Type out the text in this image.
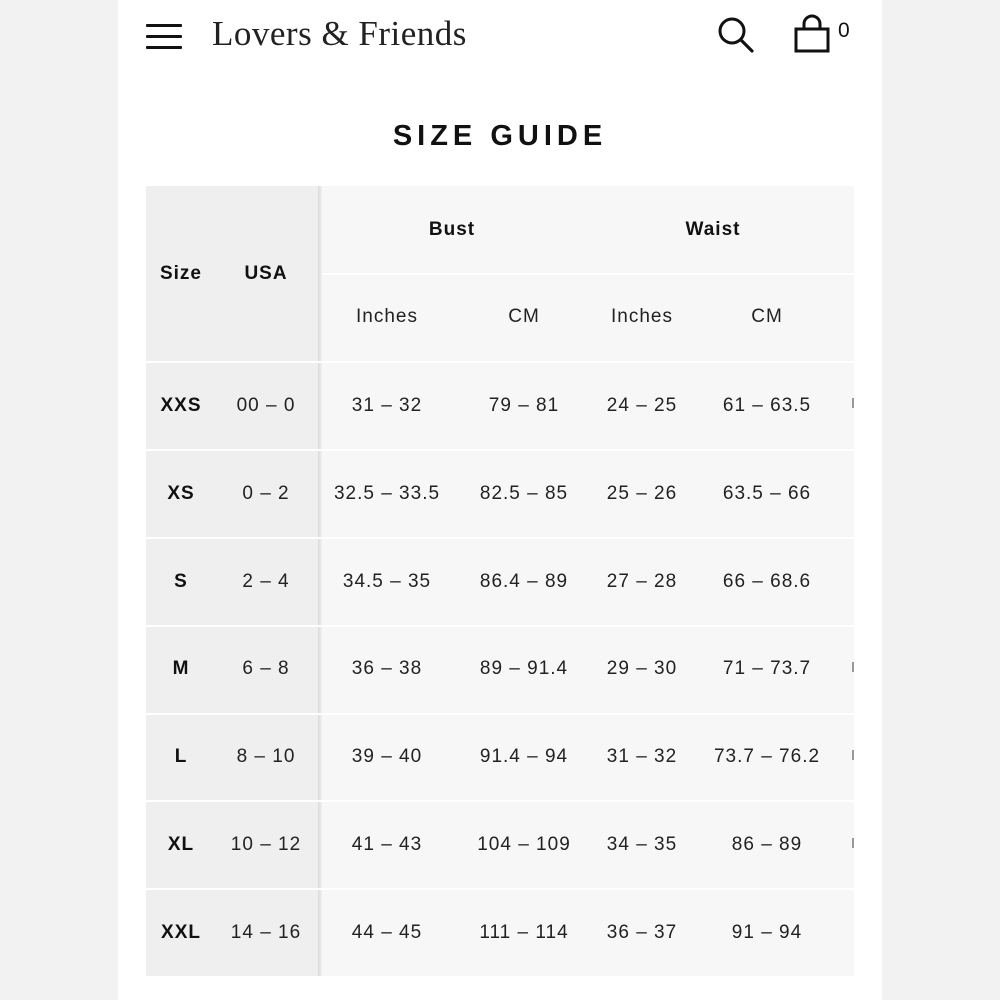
Lovers & Friends	0
SIZE GUIDE
Size	USA
Bust	Waist
Inches	CM	Inches	CM
XXS	00 – 0	31 – 32	79 – 81	24 – 25	61 – 63.5
XS	0 – 2	32.5 – 33.5	82.5 – 85	25 – 26	63.5 – 66
S	2 – 4	34.5 – 35	86.4 – 89	27 – 28	66 – 68.6
M	6 – 8	36 – 38	89 – 91.4	29 – 30	71 – 73.7
L	8 – 10	39 – 40	91.4 – 94	31 – 32	73.7 – 76.2
XL	10 – 12	41 – 43	104 – 109	34 – 35	86 – 89
XXL	14 – 16	44 – 45	111 – 114	36 – 37	91 – 94
